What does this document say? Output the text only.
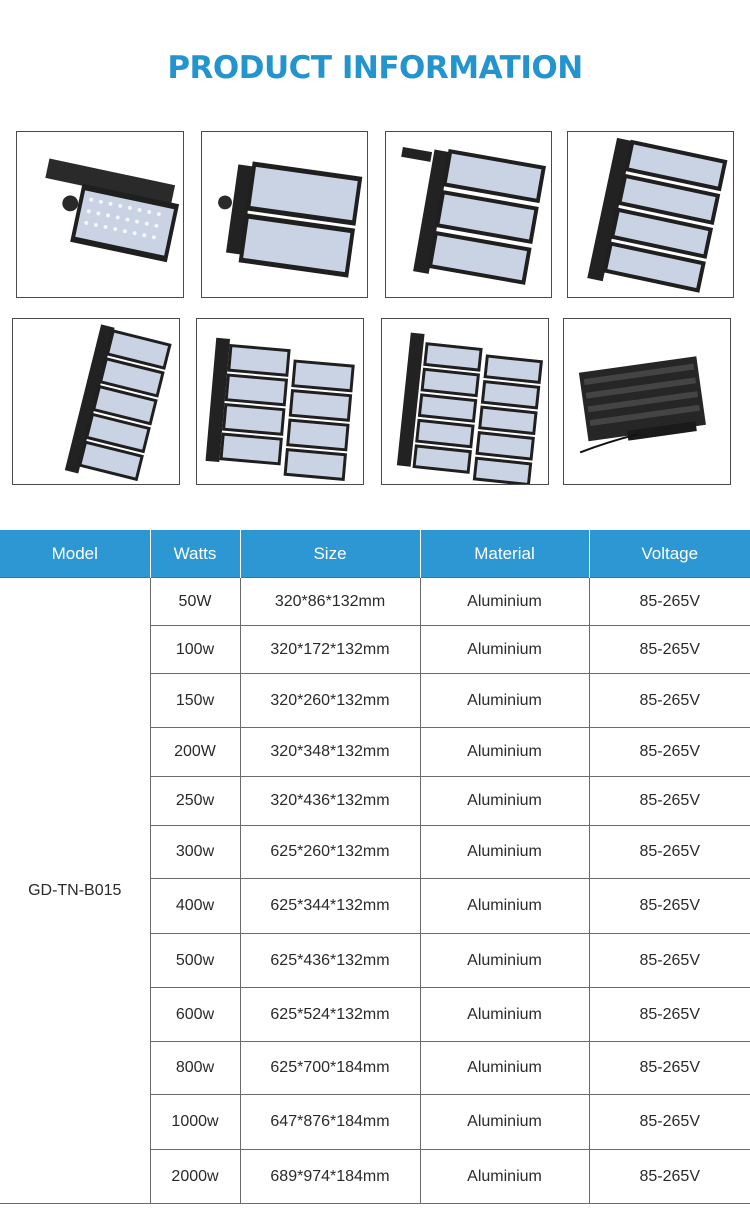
PRODUCT INFORMATION
Model	Watts	Size	Material	Voltage
GD-TN-B015	50W	320*86*132mm	Aluminium	85-265V
	100w	320*172*132mm	Aluminium	85-265V
	150w	320*260*132mm	Aluminium	85-265V
	200W	320*348*132mm	Aluminium	85-265V
	250w	320*436*132mm	Aluminium	85-265V
	300w	625*260*132mm	Aluminium	85-265V
	400w	625*344*132mm	Aluminium	85-265V
	500w	625*436*132mm	Aluminium	85-265V
	600w	625*524*132mm	Aluminium	85-265V
	800w	625*700*184mm	Aluminium	85-265V
	1000w	647*876*184mm	Aluminium	85-265V
	2000w	689*974*184mm	Aluminium	85-265V
